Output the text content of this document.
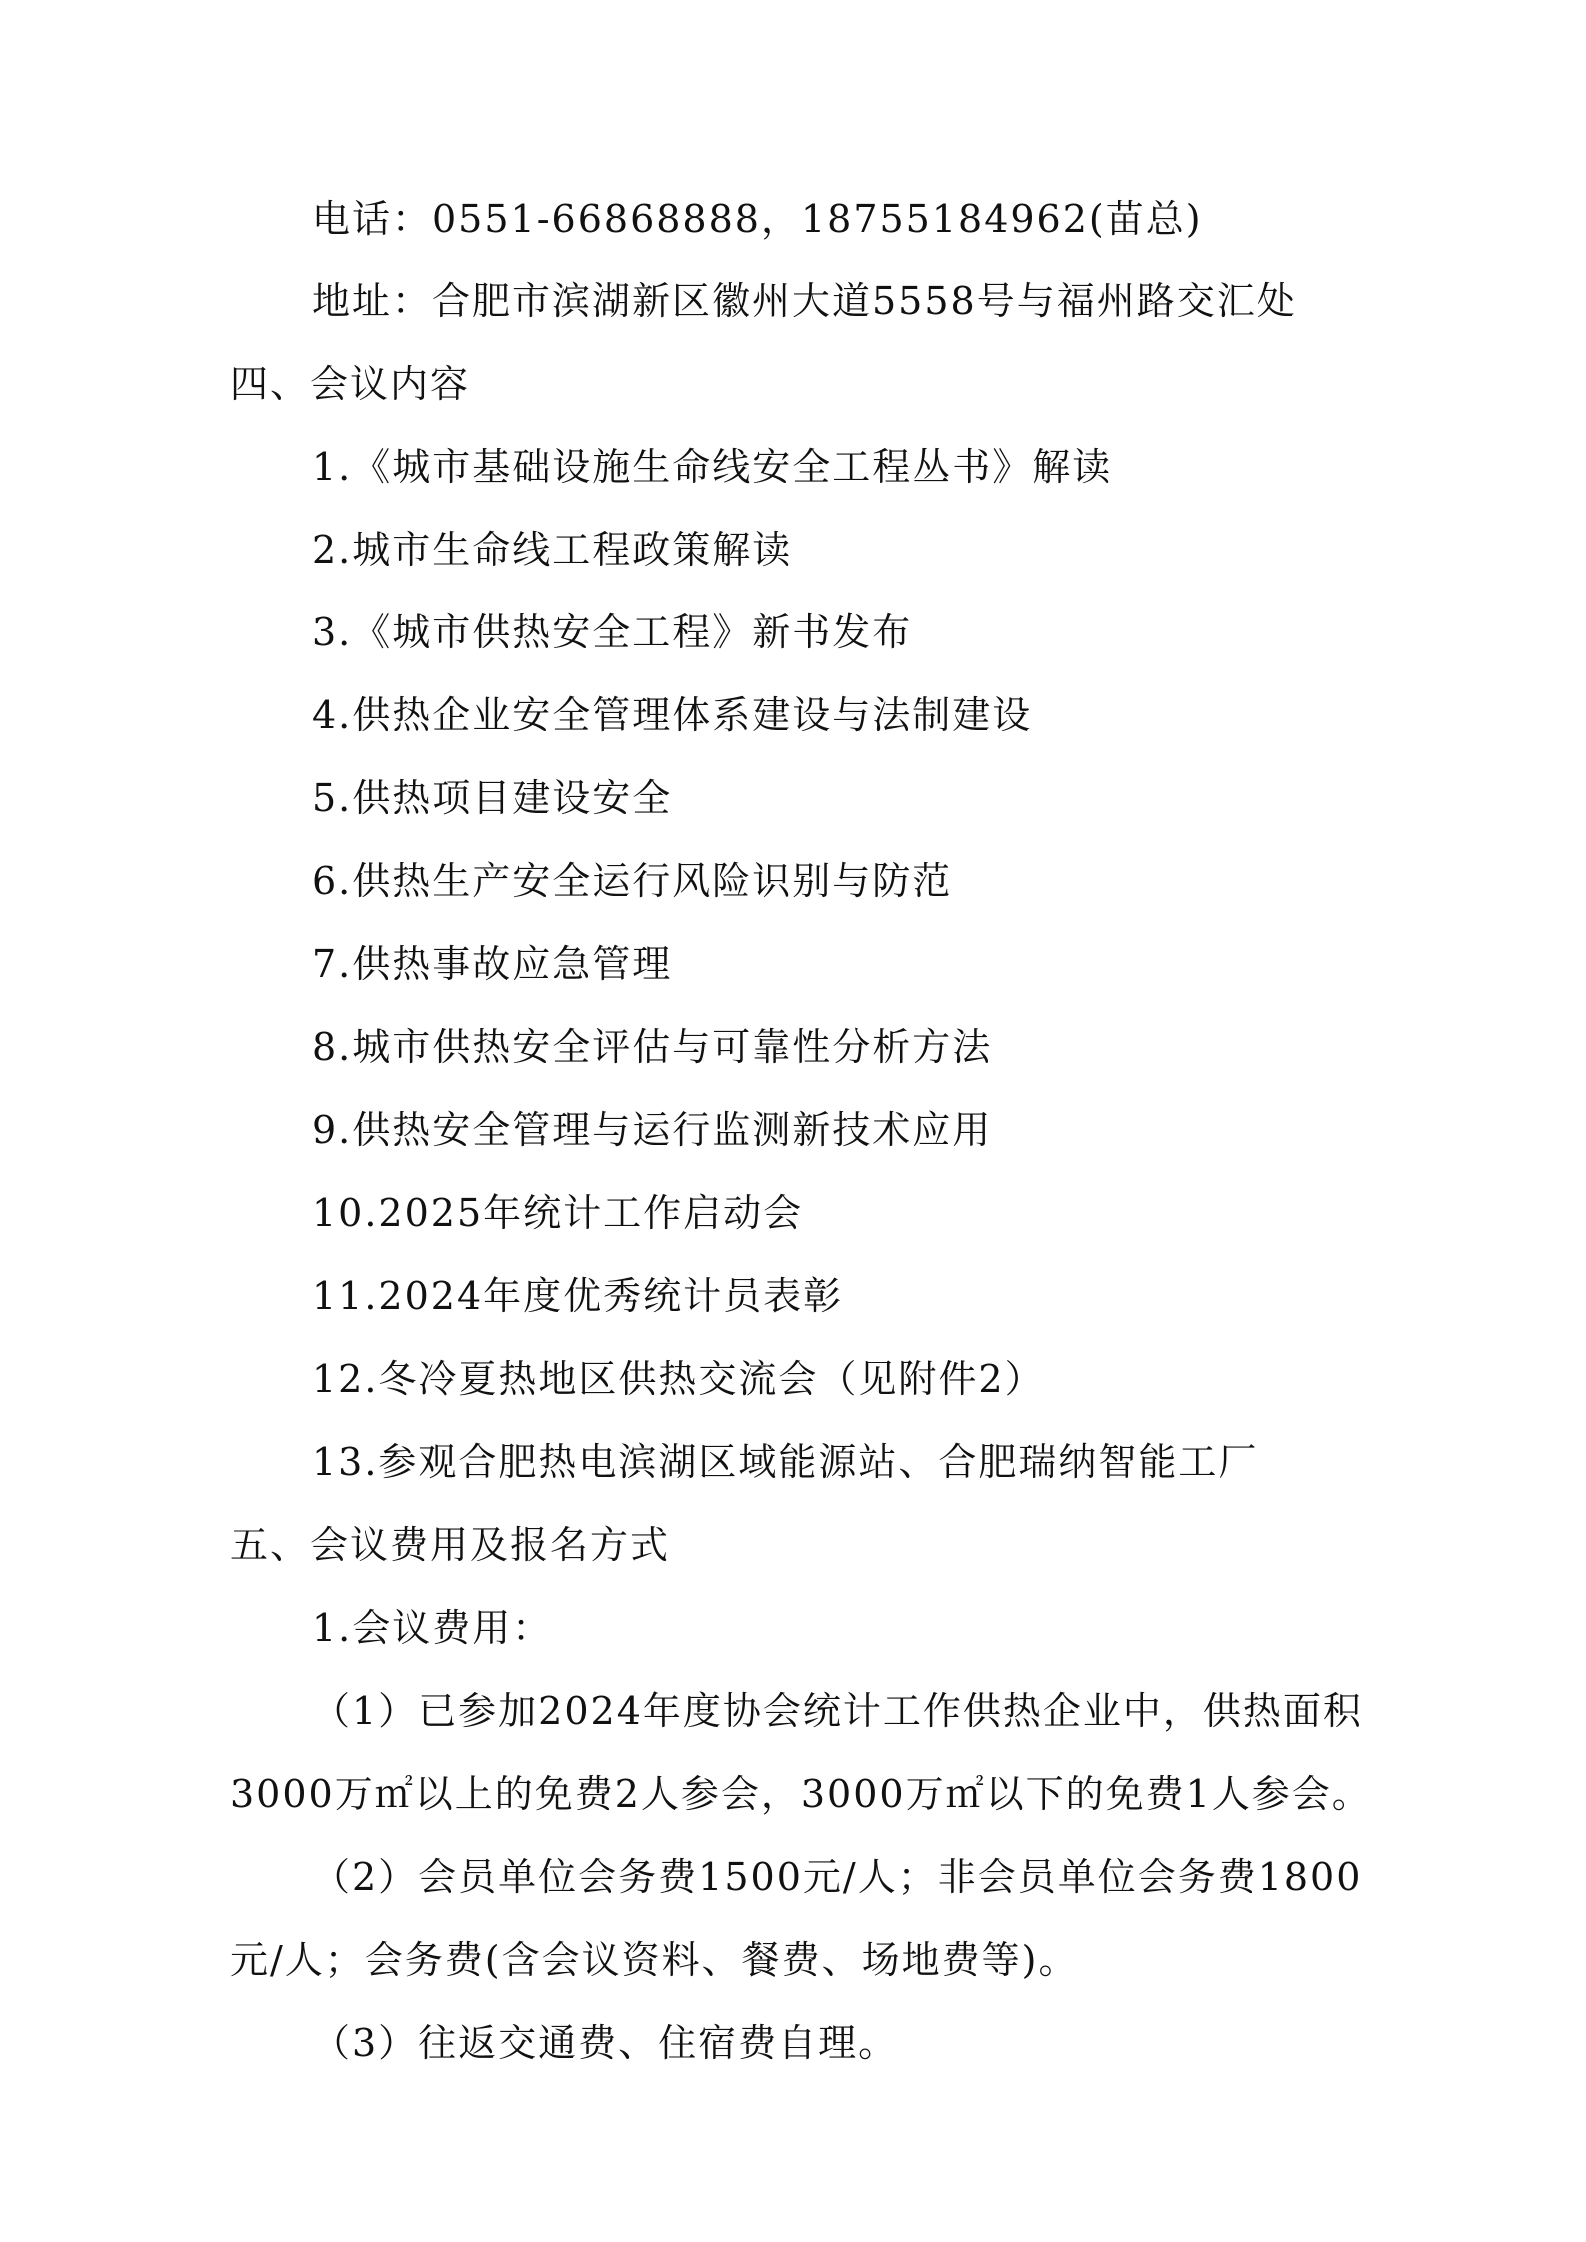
电话：0551-66868888，18755184962(苗总)
地址：合肥市滨湖新区徽州大道5558号与福州路交汇处
四、会议内容
1.《城市基础设施生命线安全工程丛书》解读
2.城市生命线工程政策解读
3.《城市供热安全工程》新书发布
4.供热企业安全管理体系建设与法制建设
5.供热项目建设安全
6.供热生产安全运行风险识别与防范
7.供热事故应急管理
8.城市供热安全评估与可靠性分析方法
9.供热安全管理与运行监测新技术应用
10.2025年统计工作启动会
11.2024年度优秀统计员表彰
12.冬冷夏热地区供热交流会（见附件2）
13.参观合肥热电滨湖区域能源站、合肥瑞纳智能工厂
五、会议费用及报名方式
1.会议费用：
（1）已参加2024年度协会统计工作供热企业中，供热面积
3000万㎡以上的免费2人参会，3000万㎡以下的免费1人参会。
（2）会员单位会务费1500元/人；非会员单位会务费1800
元/人；会务费(含会议资料、餐费、场地费等)。
（3）往返交通费、住宿费自理。
